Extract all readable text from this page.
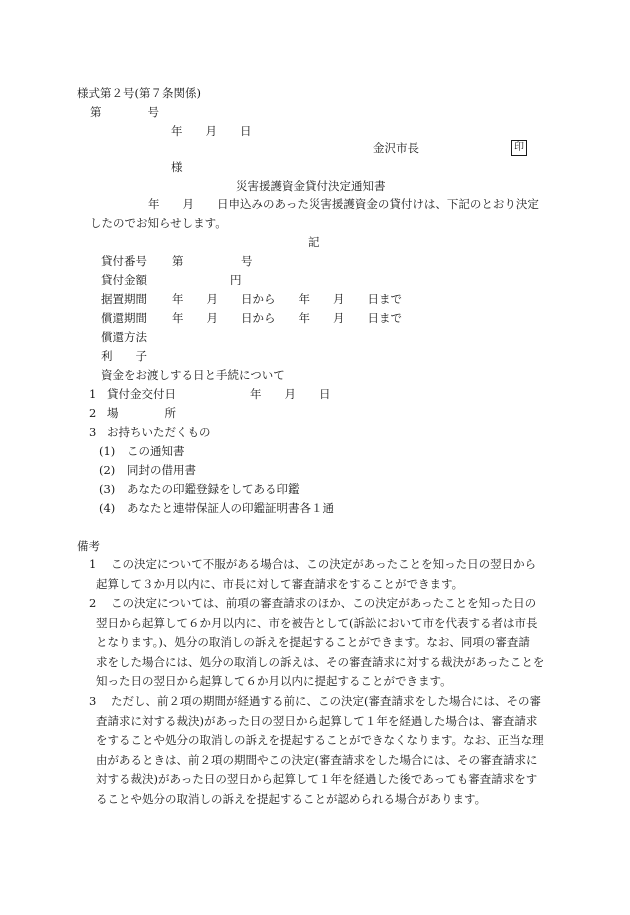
様式第２号(第７条関係)
第　　　　号
年　　月　　日
金沢市長	印
様
災害援護資金貸付決定通知書
年　　月　　日申込みのあった災害援護資金の貸付けは、下記のとおり決定
したのでお知らせします。
記
貸付番号 第　　　　　号
貸付金額	円
据置期間 年　　月　　日から　　年　　月　　日まで
償還期間 年　　月　　日から　　年　　月　　日まで
償還方法
利　　子
資金をお渡しする日と手続について
1 貸付金交付日	年　　月　　日
2 場　　　　所
3 お持ちいただくもの
(1) この通知書
(2) 同封の借用書
(3) あなたの印鑑登録をしてある印鑑
(4) あなたと連帯保証人の印鑑証明書各１通
備考
1	この決定について不服がある場合は、この決定があったことを知った日の翌日から
起算して３か月以内に、市長に対して審査請求をすることができます。
2	この決定については、前項の審査請求のほか、この決定があったことを知った日の
翌日から起算して６か月以内に、市を被告として(訴訟において市を代表する者は市長
となります。)、処分の取消しの訴えを提起することができます。なお、同項の審査請
求をした場合には、処分の取消しの訴えは、その審査請求に対する裁決があったことを
知った日の翌日から起算して６か月以内に提起することができます。
3	ただし、前２項の期間が経過する前に、この決定(審査請求をした場合には、その審
査請求に対する裁決)があった日の翌日から起算して１年を経過した場合は、審査請求
をすることや処分の取消しの訴えを提起することができなくなります。なお、正当な理
由があるときは、前２項の期間やこの決定(審査請求をした場合には、その審査請求に
対する裁決)があった日の翌日から起算して１年を経過した後であっても審査請求をす
ることや処分の取消しの訴えを提起することが認められる場合があります。
